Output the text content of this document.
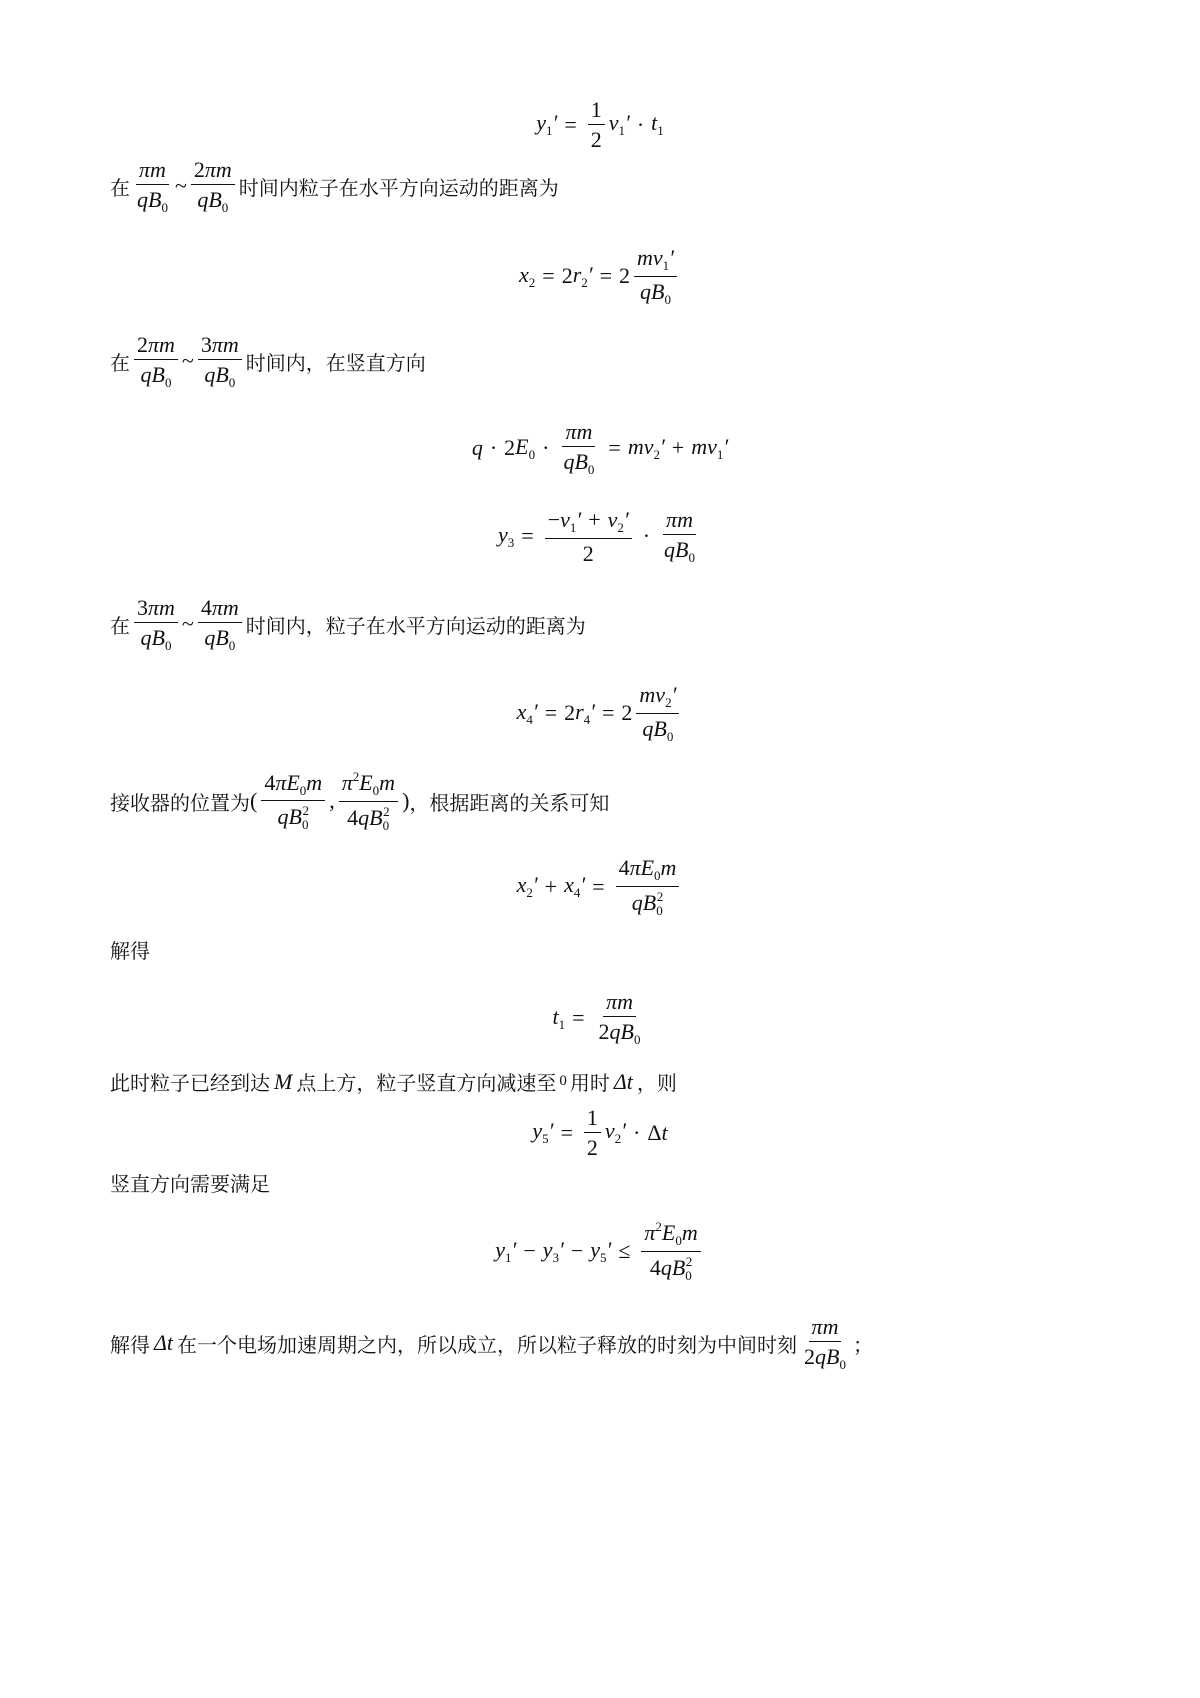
$y_1' = \frac{1}{2} v_1' \cdot t_1$
在 $\frac{\pi m}{qB_0}$ ~ $\frac{2\pi m}{qB_0}$ 时间内粒子在水平方向运动的距离为
$x_2 = 2$ $r_2' = 2 \frac{mv_1'}{qB_0}$
在 $\frac{2\pi m}{qB_0}$ ~ $\frac{3\pi m}{qB_0}$ 时间内，在竖直方向
q · 2 $E_0 \cdot \frac{\pi m}{qB_0} = mv_2' + mv_1'$
$y_3 = \frac{-v_1' + v_2'}{2} \cdot \frac{\pi m}{qB_0}$
在 $\frac{3\pi m}{qB_0}$ ~ $\frac{4\pi m}{qB_0}$ 时间内，粒子在水平方向运动的距离为
$x_4' = 2$ $r_4' = 2 \frac{mv_2'}{qB_0}$
接收器的位置为 ( $\frac{4\pi E_0m}{qB_0^2}$ , $\frac{\pi^2E_0m}{4qB_0^2}$ ) ，根据距离的关系可知
$x_2' + x_4' = \frac{4\pi E_0m}{qB_0^2}$
解得
$t_1 = \frac{\pi m}{2qB_0}$
此时粒子已经到达 M 点上方，粒子竖直方向减速至 0 用时 Δt ，则
$y_5' = \frac{1}{2} v_2' \cdot \Delta$ t
竖直方向需要满足
$y_1' - y_3' - y_5' \le \frac{\pi^2E_0m}{4qB_0^2}$
解得 Δt 在一个电场加速周期之内，所以成立，所以粒子释放的时刻为中间时刻 $\frac{\pi m}{2qB_0}$ ；
